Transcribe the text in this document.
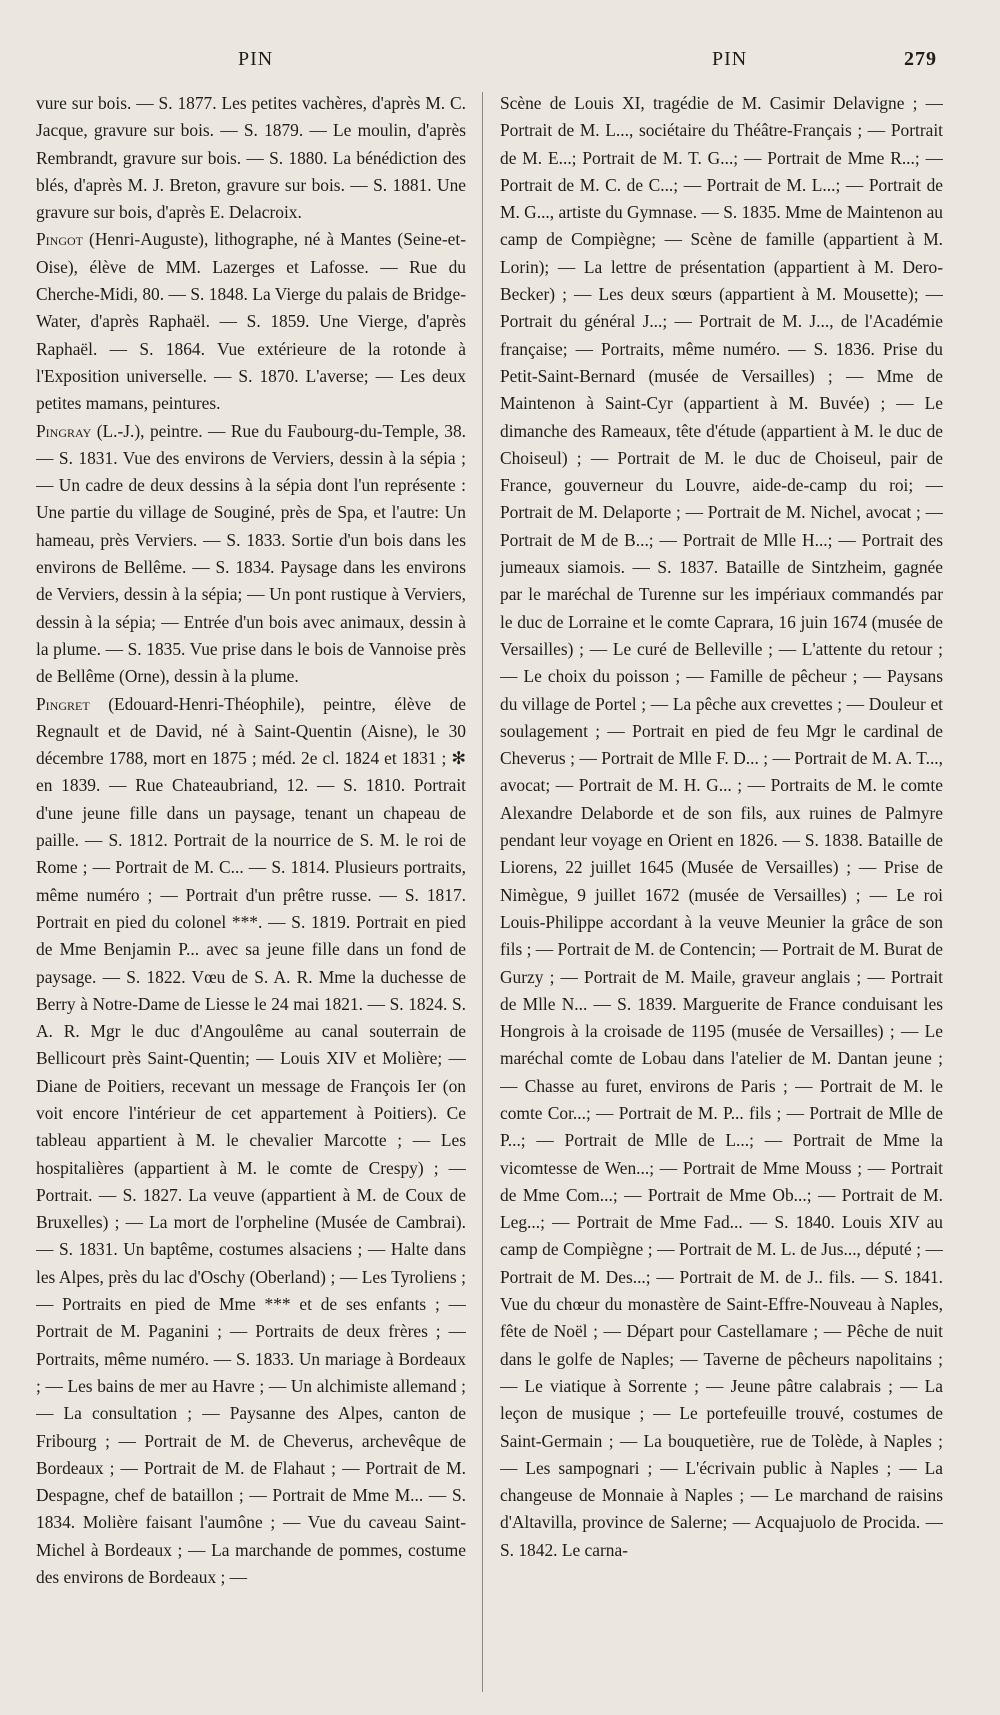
PIN	PIN	279

vure sur bois. — S. 1877. Les petites vachères, d'après M. C. Jacque, gravure sur bois. — S. 1879. — Le moulin, d'après Rembrandt, gravure sur bois. — S. 1880. La bénédiction des blés, d'après M. J. Breton, gravure sur bois. — S. 1881. Une gravure sur bois, d'après E. Delacroix.

Pingot (Henri-Auguste), lithographe, né à Mantes (Seine-et-Oise), élève de MM. Lazerges et Lafosse. — Rue du Cherche-Midi, 80. — S. 1848. La Vierge du palais de Bridge-Water, d'après Raphaël. — S. 1859. Une Vierge, d'après Raphaël. — S. 1864. Vue extérieure de la rotonde à l'Exposition universelle. — S. 1870. L'averse; — Les deux petites mamans, peintures.

Pingray (L.-J.), peintre. — Rue du Faubourg-du-Temple, 38. — S. 1831. Vue des environs de Verviers, dessin à la sépia ; — Un cadre de deux dessins à la sépia dont l'un représente : Une partie du village de Souginé, près de Spa, et l'autre: Un hameau, près Verviers. — S. 1833. Sortie d'un bois dans les environs de Bellême. — S. 1834. Paysage dans les environs de Verviers, dessin à la sépia; — Un pont rustique à Verviers, dessin à la sépia; — Entrée d'un bois avec animaux, dessin à la plume. — S. 1835. Vue prise dans le bois de Vannoise près de Bellême (Orne), dessin à la plume.

Pingret (Edouard-Henri-Théophile), peintre, élève de Regnault et de David, né à Saint-Quentin (Aisne), le 30 décembre 1788, mort en 1875 ; méd. 2e cl. 1824 et 1831 ; ✻ en 1839. — Rue Chateaubriand, 12. — S. 1810. Portrait d'une jeune fille dans un paysage, tenant un chapeau de paille. — S. 1812. Portrait de la nourrice de S. M. le roi de Rome ; — Portrait de M. C... — S. 1814. Plusieurs portraits, même numéro ; — Portrait d'un prêtre russe. — S. 1817. Portrait en pied du colonel ***. — S. 1819. Portrait en pied de Mme Benjamin P... avec sa jeune fille dans un fond de paysage. — S. 1822. Vœu de S. A. R. Mme la duchesse de Berry à Notre-Dame de Liesse le 24 mai 1821. — S. 1824. S. A. R. Mgr le duc d'Angoulême au canal souterrain de Bellicourt près Saint-Quentin; — Louis XIV et Molière; — Diane de Poitiers, recevant un message de François Ier (on voit encore l'intérieur de cet appartement à Poitiers). Ce tableau appartient à M. le chevalier Marcotte ; — Les hospitalières (appartient à M. le comte de Crespy) ; — Portrait. — S. 1827. La veuve (appartient à M. de Coux de Bruxelles) ; — La mort de l'orpheline (Musée de Cambrai). — S. 1831. Un baptême, costumes alsaciens ; — Halte dans les Alpes, près du lac d'Oschy (Oberland) ; — Les Tyroliens ; — Portraits en pied de Mme *** et de ses enfants ; — Portrait de M. Paganini ; — Portraits de deux frères ; — Portraits, même numéro. — S. 1833. Un mariage à Bordeaux ; — Les bains de mer au Havre ; — Un alchimiste allemand ; — La consultation ; — Paysanne des Alpes, canton de Fribourg ; — Portrait de M. de Cheverus, archevêque de Bordeaux ; — Portrait de M. de Flahaut ; — Portrait de M. Despagne, chef de bataillon ; — Portrait de Mme M... — S. 1834. Molière faisant l'aumône ; — Vue du caveau Saint-Michel à Bordeaux ; — La marchande de pommes, costume des environs de Bordeaux ; —

Scène de Louis XI, tragédie de M. Casimir Delavigne ; — Portrait de M. L..., sociétaire du Théâtre-Français ; — Portrait de M. E...; Portrait de M. T. G...; — Portrait de Mme R...; — Portrait de M. C. de C...; — Portrait de M. L...; — Portrait de M. G..., artiste du Gymnase. — S. 1835. Mme de Maintenon au camp de Compiègne; — Scène de famille (appartient à M. Lorin); — La lettre de présentation (appartient à M. Dero-Becker) ; — Les deux sœurs (appartient à M. Mousette); — Portrait du général J...; — Portrait de M. J..., de l'Académie française; — Portraits, même numéro. — S. 1836. Prise du Petit-Saint-Bernard (musée de Versailles) ; — Mme de Maintenon à Saint-Cyr (appartient à M. Buvée) ; — Le dimanche des Rameaux, tête d'étude (appartient à M. le duc de Choiseul) ; — Portrait de M. le duc de Choiseul, pair de France, gouverneur du Louvre, aide-de-camp du roi; — Portrait de M. Delaporte ; — Portrait de M. Nichel, avocat ; — Portrait de M de B...; — Portrait de Mlle H...; — Portrait des jumeaux siamois. — S. 1837. Bataille de Sintzheim, gagnée par le maréchal de Turenne sur les impériaux commandés par le duc de Lorraine et le comte Caprara, 16 juin 1674 (musée de Versailles) ; — Le curé de Belleville ; — L'attente du retour ; — Le choix du poisson ; — Famille de pêcheur ; — Paysans du village de Portel ; — La pêche aux crevettes ; — Douleur et soulagement ; — Portrait en pied de feu Mgr le cardinal de Cheverus ; — Portrait de Mlle F. D... ; — Portrait de M. A. T..., avocat; — Portrait de M. H. G... ; — Portraits de M. le comte Alexandre Delaborde et de son fils, aux ruines de Palmyre pendant leur voyage en Orient en 1826. — S. 1838. Bataille de Liorens, 22 juillet 1645 (Musée de Versailles) ; — Prise de Nimègue, 9 juillet 1672 (musée de Versailles) ; — Le roi Louis-Philippe accordant à la veuve Meunier la grâce de son fils ; — Portrait de M. de Contencin; — Portrait de M. Burat de Gurzy ; — Portrait de M. Maile, graveur anglais ; — Portrait de Mlle N... — S. 1839. Marguerite de France conduisant les Hongrois à la croisade de 1195 (musée de Versailles) ; — Le maréchal comte de Lobau dans l'atelier de M. Dantan jeune ; — Chasse au furet, environs de Paris ; — Portrait de M. le comte Cor...; — Portrait de M. P... fils ; — Portrait de Mlle de P...; — Portrait de Mlle de L...; — Portrait de Mme la vicomtesse de Wen...; — Portrait de Mme Mouss ; — Portrait de Mme Com...; — Portrait de Mme Ob...; — Portrait de M. Leg...; — Portrait de Mme Fad... — S. 1840. Louis XIV au camp de Compiègne ; — Portrait de M. L. de Jus..., député ; — Portrait de M. Des...; — Portrait de M. de J.. fils. — S. 1841. Vue du chœur du monastère de Saint-Effre-Nouveau à Naples, fête de Noël ; — Départ pour Castellamare ; — Pêche de nuit dans le golfe de Naples; — Taverne de pêcheurs napolitains ; — Le viatique à Sorrente ; — Jeune pâtre calabrais ; — La leçon de musique ; — Le portefeuille trouvé, costumes de Saint-Germain ; — La bouquetière, rue de Tolède, à Naples ; — Les sampognari ; — L'écrivain public à Naples ; — La changeuse de Monnaie à Naples ; — Le marchand de raisins d'Altavilla, province de Salerne; — Acquajuolo de Procida. — S. 1842. Le carna-
